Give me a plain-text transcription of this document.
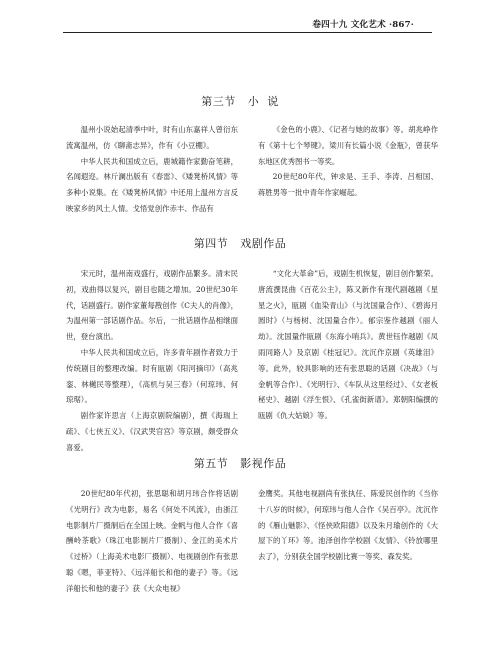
卷四十九 文化艺术 ·867·
第三节   小  说

温州小说始起清季中叶，时有山东嘉祥人曾衍东流寓温州，仿《聊斋志异》，作有《小豆棚》。

中华人民共和国成立后，鹿城籍作家勤奋笔耕，名闻遐迩。林斤澜出版有《春雷》、《矮凳桥风情》等多种小说集。在《矮凳桥风情》中还用上温州方言反映家乡的风土人情。戈悟觉创作赤丰、作品有

《金色的小鹿》、《记者与她的故事》等。胡兆峥作有《第十七个琴键》。梁川有长篇小说《金瓶》，曾获华东地区优秀图书一等奖。

20世纪80年代，钟求是、王手、李涛、吕相国、蒋胜男等一批中青年作家崛起。

第四节   戏剧作品

宋元时，温州南戏盛行，戏剧作品繁多。清末民初，戏曲得以复兴，剧目也随之增加。20世纪30年代，话剧盛行。剧作家董每戡创作《C夫人的肖像》，为温州第一部话剧作品。尔后，一批话剧作品相继面世，登台演出。

中华人民共和国成立后，许多青年剧作者致力于传统剧目的整理改编。时有瓯剧《阳河摘印》（高兆銮、林樾民等整理），《高机与吴三春》（何琼玮、何琼琚）。

剧作家许思言（上海京剧院编剧），撰《海瑞上疏》、《七侠五义》、《汉武哭官宫》等京剧，颇受群众喜爱。

“文化大革命”后，戏剧生机恢复，剧目创作繁荣。唐流撰昆曲《百花公主》，陈又新作有现代剧越剧《星星之火》，瓯剧《血染青山》（与沈国量合作）、《碧海月圆时》（与杨树、沈国量合作）。郁宗鉴作越剧《丽人劫》。沈国量作瓯剧《东海小哨兵》。黄世钰作越剧《凤雨同路人》及京剧《桂冠记》。沈沉作京剧《英雄泪》等。此外，较具影响的还有张思聪的话剧《决战》（与金帆等合作）、《光明行》、《车队从这里经过》、《女老板秘史》、越剧《浮生恨》、《孔雀街新谱》。郑朝阳编撰的瓯剧《仇大姑娘》等。

第五节   影视作品

20世纪80年代初，张思聪和胡月玮合作将话剧《光明行》改为电影，易名《何处不风流》，由浙江电影制片厂摄制后在全国上映。金帆与他人合作《喜酬岭茶歌》（珠江电影制片厂摄制）、金江的美术片《过桥》（上海美术电影厂摄制）、电视剧创作有张思聪《嗯，菲亚特》、《远洋船长和他的妻子》等。《远洋船长和他的妻子》获《大众电视》

金鹰奖。其他电视剧尚有张执任、陈爱民创作的《当你十八岁的时候》，何琼玮与他人合作《吴百亭》。沈沉作的《雁山魅影》、《怪侠欧阳德》以及朱月瑜创作的《大屋下的丫环》等。池泽创作学校剧《友情》、《铃放哪里去了》，分别获全国学校剧比赛一等奖、森发奖。
